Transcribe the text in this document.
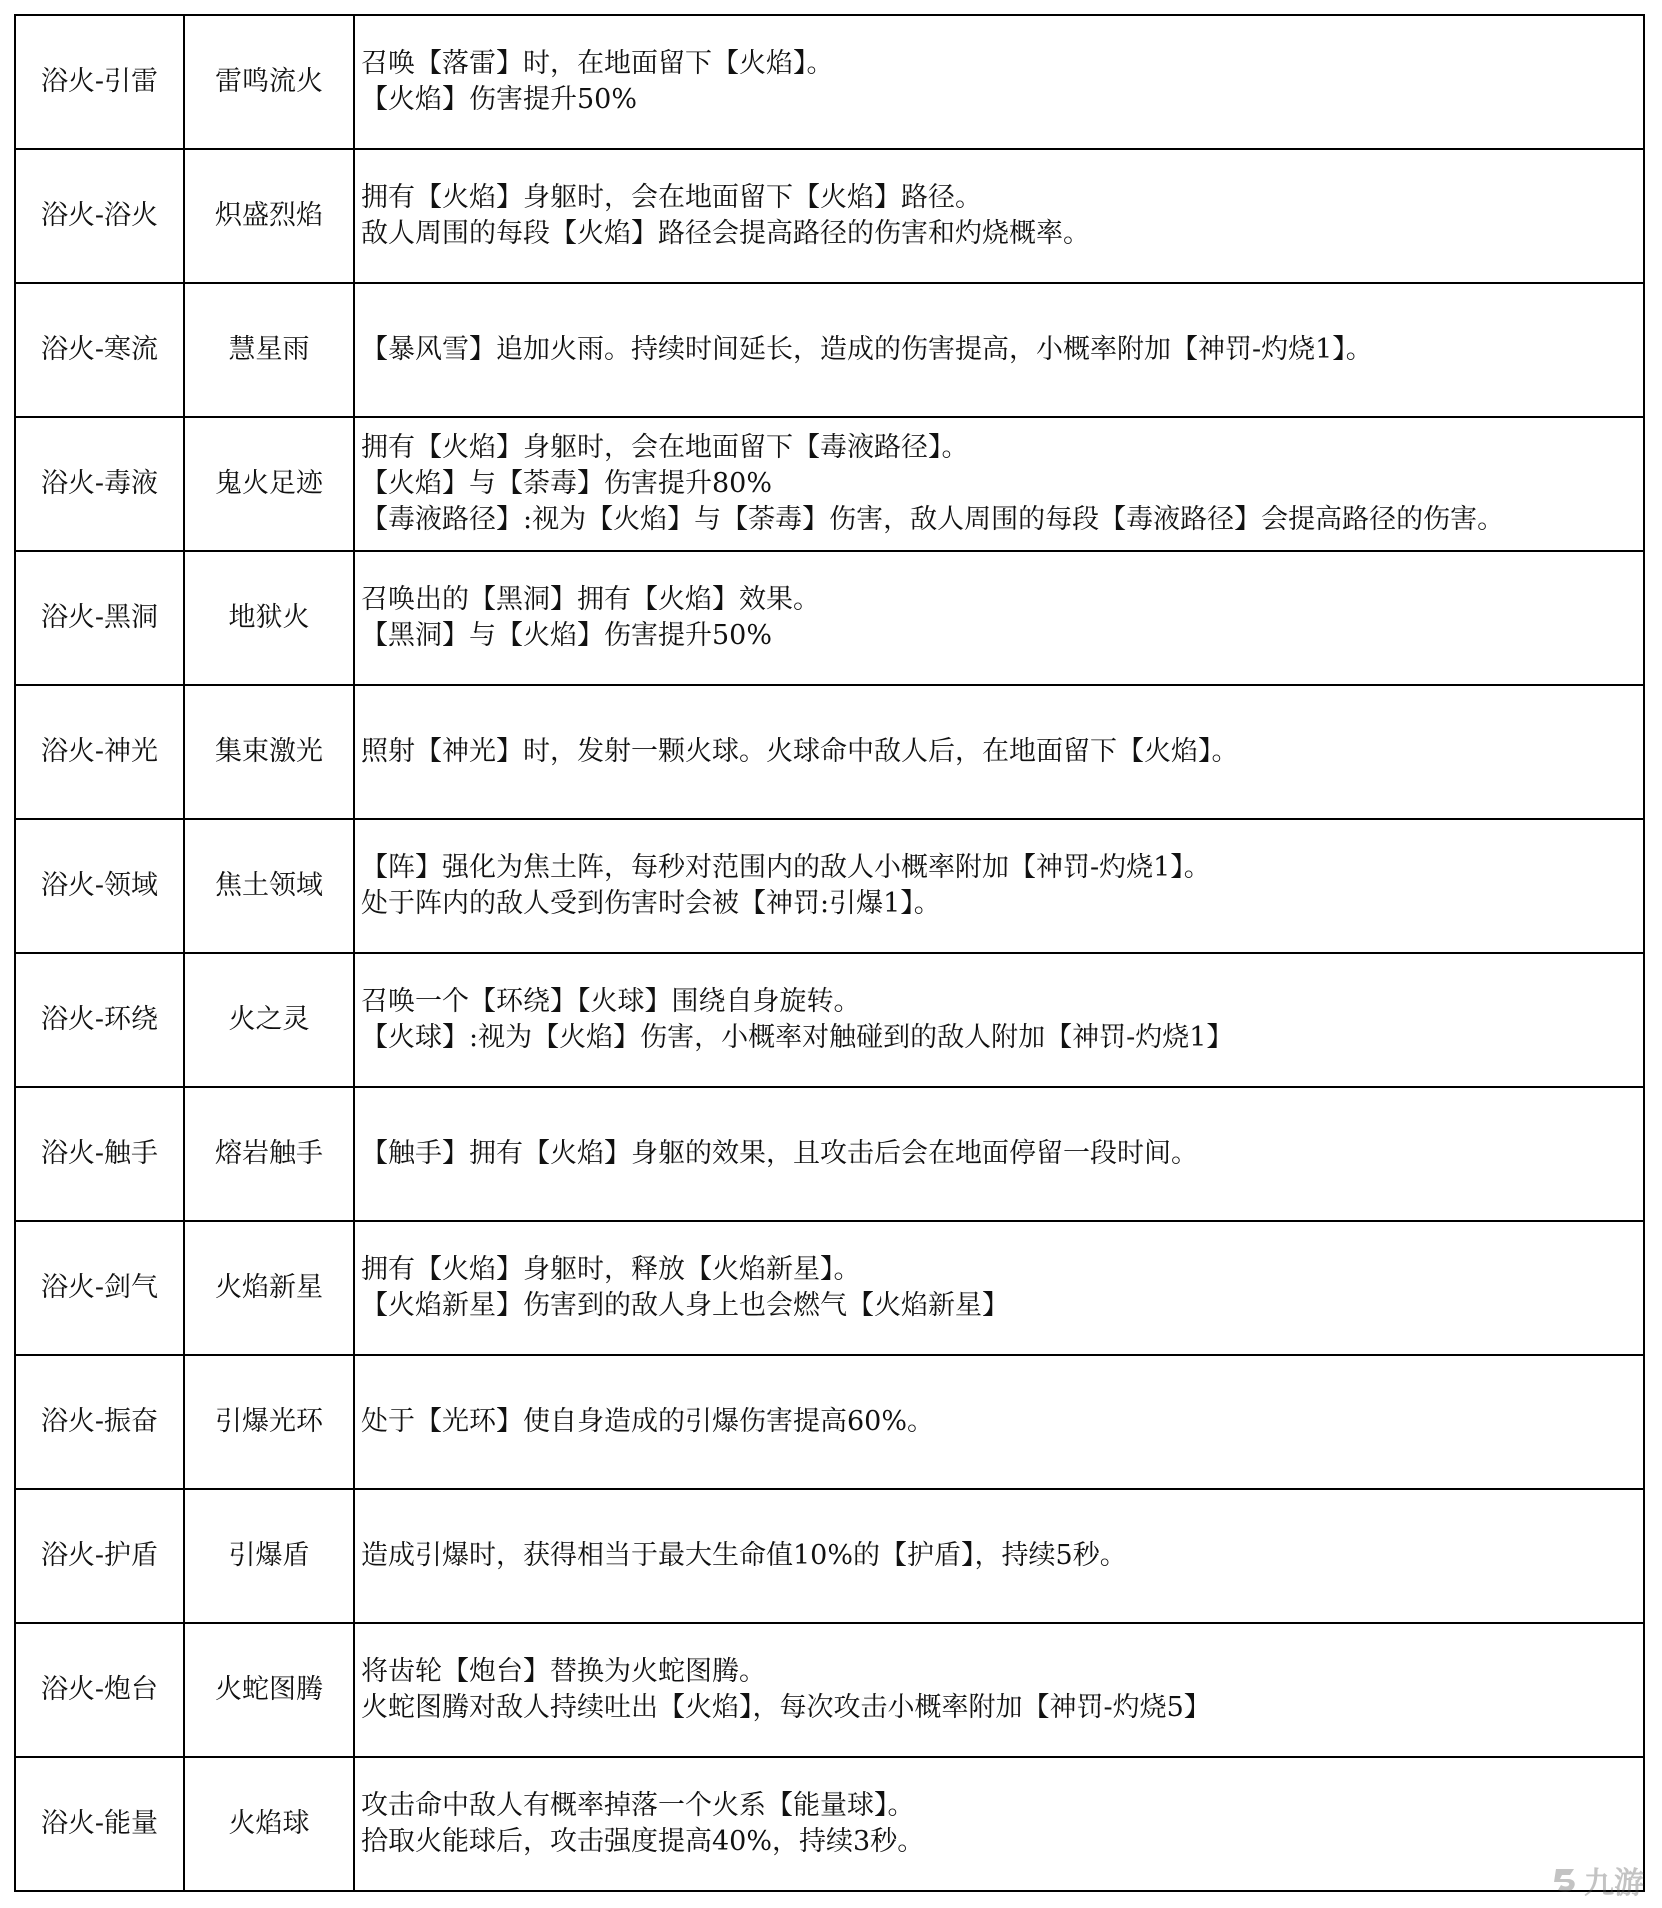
浴火-引雷	雷鸣流火
召唤【落雷】时，在地面留下【火焰】。
【火焰】伤害提升50%
浴火-浴火	炽盛烈焰
拥有【火焰】身躯时，会在地面留下【火焰】路径。
敌人周围的每段【火焰】路径会提高路径的伤害和灼烧概率。
浴火-寒流	慧星雨	【暴风雪】追加火雨。持续时间延长，造成的伤害提高，小概率附加【神罚-灼烧1】。
浴火-毒液	鬼火足迹
拥有【火焰】身躯时，会在地面留下【毒液路径】。
【火焰】与【荼毒】伤害提升80%
【毒液路径】:视为【火焰】与【荼毒】伤害，敌人周围的每段【毒液路径】会提高路径的伤害。
浴火-黑洞	地狱火
召唤出的【黑洞】拥有【火焰】效果。
【黑洞】与【火焰】伤害提升50%
浴火-神光	集束激光	照射【神光】时，发射一颗火球。火球命中敌人后，在地面留下【火焰】。
浴火-领域	焦土领域
【阵】强化为焦土阵，每秒对范围内的敌人小概率附加【神罚-灼烧1】。
处于阵内的敌人受到伤害时会被【神罚:引爆1】。
浴火-环绕	火之灵
召唤一个【环绕】【火球】围绕自身旋转。
【火球】:视为【火焰】伤害，小概率对触碰到的敌人附加【神罚-灼烧1】
浴火-触手	熔岩触手	【触手】拥有【火焰】身躯的效果，且攻击后会在地面停留一段时间。
浴火-剑气	火焰新星
拥有【火焰】身躯时，释放【火焰新星】。
【火焰新星】伤害到的敌人身上也会燃气【火焰新星】
浴火-振奋	引爆光环	处于【光环】使自身造成的引爆伤害提高60%。
浴火-护盾	引爆盾	造成引爆时，获得相当于最大生命值10%的【护盾】，持续5秒。
浴火-炮台	火蛇图腾
将齿轮【炮台】替换为火蛇图腾。
火蛇图腾对敌人持续吐出【火焰】，每次攻击小概率附加【神罚-灼烧5】
浴火-能量	火焰球
攻击命中敌人有概率掉落一个火系【能量球】。
拾取火能球后，攻击强度提高40%，持续3秒。
九游
